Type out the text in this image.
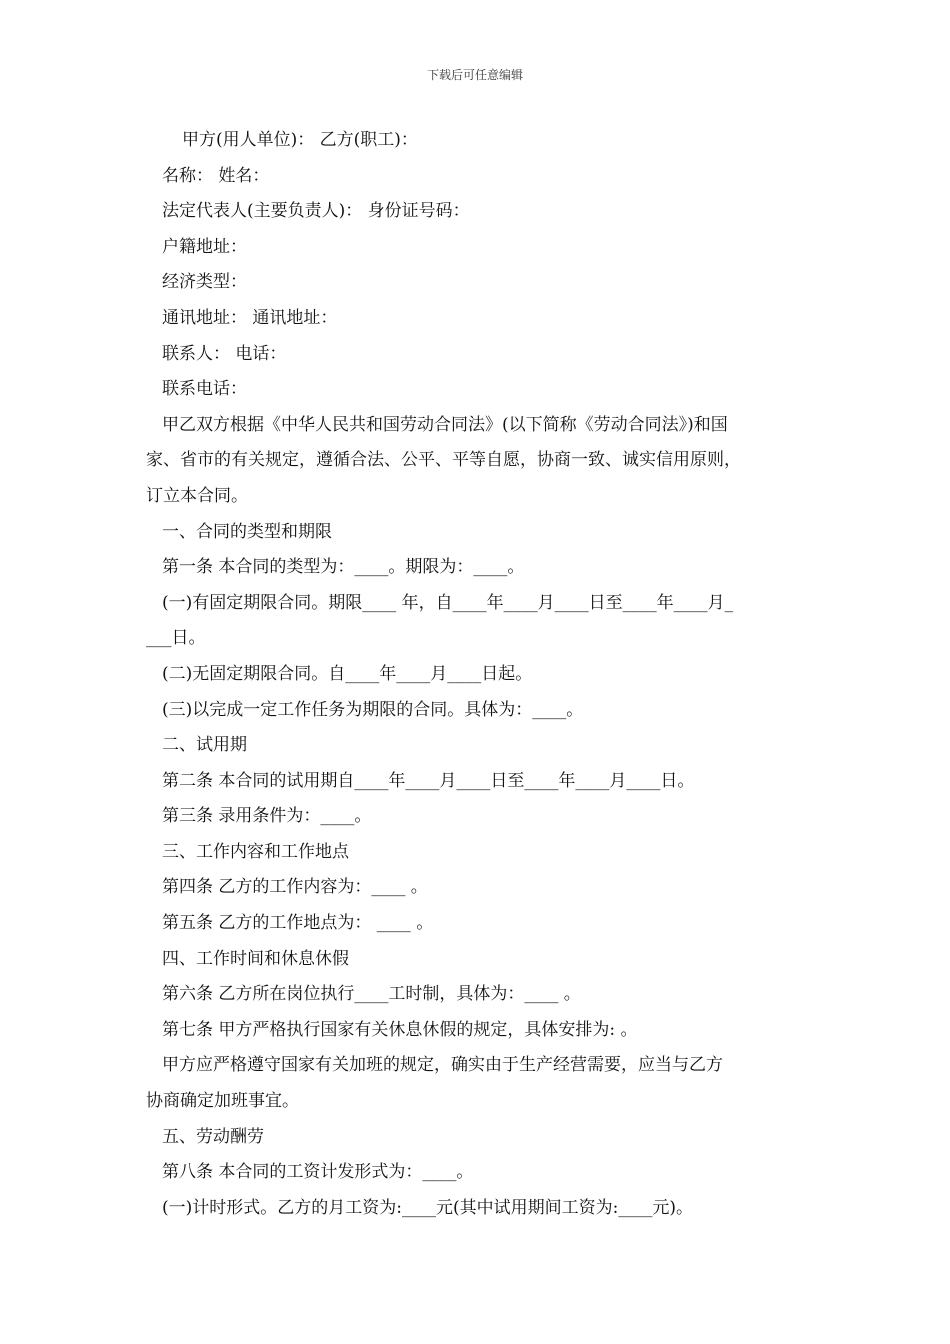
下载后可任意编辑
甲方(用人单位)： 乙方(职工)：
名称： 姓名：
法定代表人(主要负责人)： 身份证号码：
户籍地址：
经济类型：
通讯地址： 通讯地址：
联系人： 电话：
联系电话：
甲乙双方根据《中华人民共和国劳动合同法》(以下简称《劳动合同法》)和国
家、省市的有关规定，遵循合法、公平、平等自愿，协商一致、诚实信用原则，
订立本合同。
一、合同的类型和期限
第一条 本合同的类型为：____。期限为：____。
(一)有固定期限合同。期限____ 年，自____年____月____日至____年____月_
___日。
(二)无固定期限合同。自____年____月____日起。
(三)以完成一定工作任务为期限的合同。具体为：____。
二、试用期
第二条 本合同的试用期自____年____月____日至____年____月____日。
第三条 录用条件为：____。
三、工作内容和工作地点
第四条 乙方的工作内容为：____ 。
第五条 乙方的工作地点为： ____ 。
四、工作时间和休息休假
第六条 乙方所在岗位执行____工时制，具体为：____ 。
第七条 甲方严格执行国家有关休息休假的规定，具体安排为: 。
甲方应严格遵守国家有关加班的规定，确实由于生产经营需要，应当与乙方
协商确定加班事宜。
五、劳动酬劳
第八条 本合同的工资计发形式为：____。
(一)计时形式。乙方的月工资为:____元(其中试用期间工资为:____元)。
